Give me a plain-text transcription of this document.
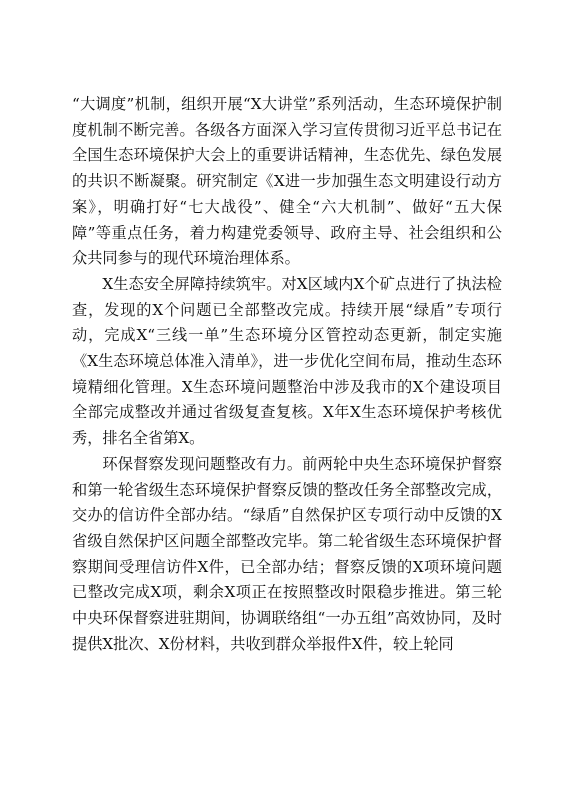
“大调度”机制，组织开展“X大讲堂”系列活动，生态环境保护制度机制不断完善。各级各方面深入学习宣传贯彻习近平总书记在全国生态环境保护大会上的重要讲话精神，生态优先、绿色发展的共识不断凝聚。研究制定《X进一步加强生态文明建设行动方案》，明确打好“七大战役”、健全“六大机制”、做好“五大保障”等重点任务，着力构建党委领导、政府主导、社会组织和公众共同参与的现代环境治理体系。

X生态安全屏障持续筑牢。对X区域内X个矿点进行了执法检查，发现的X个问题已全部整改完成。持续开展“绿盾”专项行动，完成X“三线一单”生态环境分区管控动态更新，制定实施《X生态环境总体准入清单》，进一步优化空间布局，推动生态环境精细化管理。X生态环境问题整治中涉及我市的X个建设项目全部完成整改并通过省级复查复核。X年X生态环境保护考核优秀，排名全省第X。

环保督察发现问题整改有力。前两轮中央生态环境保护督察和第一轮省级生态环境保护督察反馈的整改任务全部整改完成，交办的信访件全部办结。“绿盾”自然保护区专项行动中反馈的X省级自然保护区问题全部整改完毕。第二轮省级生态环境保护督察期间受理信访件X件，已全部办结；督察反馈的X项环境问题已整改完成X项，剩余X项正在按照整改时限稳步推进。第三轮中央环保督察进驻期间，协调联络组“一办五组”高效协同，及时提供X批次、X份材料，共收到群众举报件X件，较上轮同
